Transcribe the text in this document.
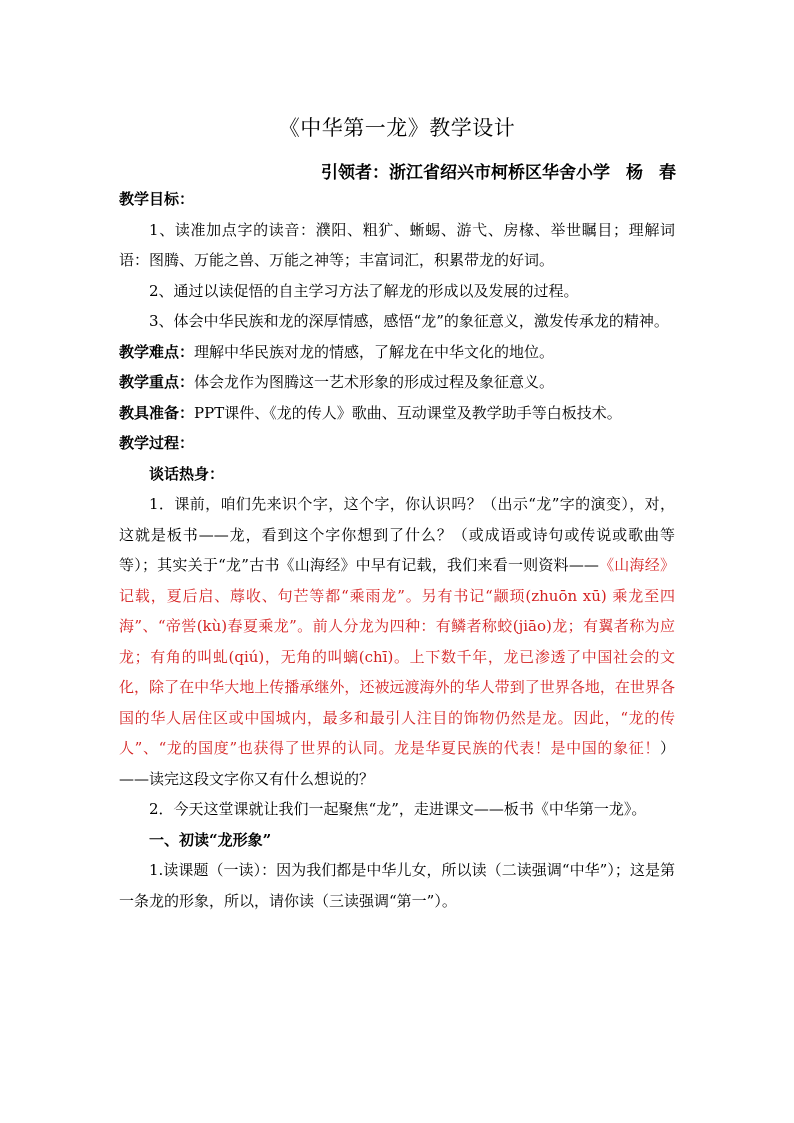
《中华第一龙》教学设计
引领者：浙江省绍兴市柯桥区华舍小学 杨 春

教学目标：

1、读准加点字的读音：濮阳、粗犷、蜥蜴、游弋、房椽、举世瞩目；理解词语：图腾、万能之兽、万能之神等；丰富词汇，积累带龙的好词。

2、通过以读促悟的自主学习方法了解龙的形成以及发展的过程。

3、体会中华民族和龙的深厚情感，感悟“龙”的象征意义，激发传承龙的精神。

教学难点：理解中华民族对龙的情感，了解龙在中华文化的地位。

教学重点：体会龙作为图腾这一艺术形象的形成过程及象征意义。

教具准备：PPT课件、《龙的传人》歌曲、互动课堂及教学助手等白板技术。

教学过程：

谈话热身：

1．课前，咱们先来识个字，这个字，你认识吗？（出示“龙”字的演变），对，这就是板书——龙，看到这个字你想到了什么？（或成语或诗句或传说或歌曲等等）；其实关于“龙”古书《山海经》中早有记载，我们来看一则资料——《山海经》记载，夏后启、蓐收、句芒等都“乘雨龙”。另有书记“颛顼(zhuōn xū) 乘龙至四海”、“帝喾(kù)春夏乘龙”。前人分龙为四种：有鳞者称蛟(jiāo)龙；有翼者称为应龙；有角的叫虬(qiú)，无角的叫螭(chī)。上下数千年，龙已渗透了中国社会的文化，除了在中华大地上传播承继外，还被远渡海外的华人带到了世界各地，在世界各国的华人居住区或中国城内，最多和最引人注目的饰物仍然是龙。因此，“龙的传人”、“龙的国度”也获得了世界的认同。龙是华夏民族的代表！是中国的象征！）——读完这段文字你又有什么想说的？

2．今天这堂课就让我们一起聚焦“龙”，走进课文——板书《中华第一龙》。

一、初读“龙形象”

1.读课题（一读）：因为我们都是中华儿女，所以读（二读强调“中华”）；这是第一条龙的形象，所以，请你读（三读强调“第一”）。
